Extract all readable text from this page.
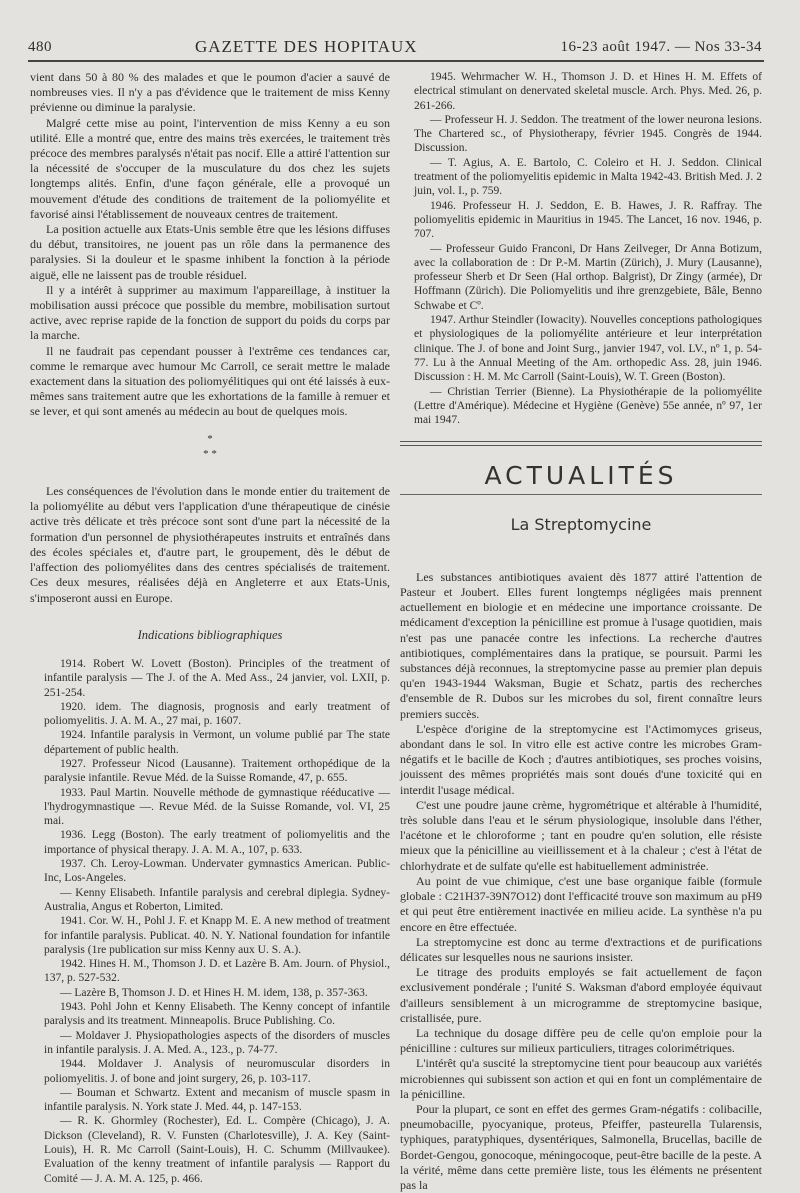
480	GAZETTE DES HOPITAUX	16-23 août 1947. — Nos 33-34

vient dans 50 à 80 % des malades et que le poumon d'acier a sauvé de nombreuses vies. Il n'y a pas d'évidence que le traitement de miss Kenny prévienne ou diminue la paralysie.

Malgré cette mise au point, l'intervention de miss Kenny a eu son utilité. Elle a montré que, entre des mains très exercées, le traitement très précoce des membres paralysés n'était pas nocif. Elle a attiré l'attention sur la nécessité de s'occuper de la musculature du dos chez les sujets longtemps alités. Enfin, d'une façon générale, elle a provoqué un mouvement d'étude des conditions de traitement de la poliomyélite et favorisé ainsi l'établissement de nouveaux centres de traitement.

La position actuelle aux Etats-Unis semble être que les lésions diffuses du début, transitoires, ne jouent pas un rôle dans la permanence des paralysies. Si la douleur et le spasme inhibent la fonction à la période aiguë, elle ne laissent pas de trouble résiduel.

Il y a intérêt à supprimer au maximum l'appareillage, à instituer la mobilisation aussi précoce que possible du membre, mobilisation surtout active, avec reprise rapide de la fonction de support du poids du corps par la marche.

Il ne faudrait pas cependant pousser à l'extrême ces tendances car, comme le remarque avec humour Mc Carroll, ce serait mettre le malade exactement dans la situation des poliomyélitiques qui ont été laissés à eux-mêmes sans traitement autre que les exhortations de la famille à remuer et se lever, et qui sont amenés au médecin au bout de quelques mois.

*
* *

Les conséquences de l'évolution dans le monde entier du traitement de la poliomyélite au début vers l'application d'une thérapeutique de cinésie active très délicate et très précoce sont sont d'une part la nécessité de la formation d'un personnel de physiothérapeutes instruits et entraînés dans des écoles spéciales et, d'autre part, le groupement, dès le début de l'affection des poliomyélites dans des centres spécialisés de traitement. Ces deux mesures, réalisées déjà en Angleterre et aux Etats-Unis, s'imposeront aussi en Europe.

Indications bibliographiques

1914. Robert W. Lovett (Boston). Principles of the treatment of infantile paralysis — The J. of the A. Med Ass., 24 janvier, vol. LXII, p. 251-254.

1920. idem. The diagnosis, prognosis and early treatment of poliomyelitis. J. A. M. A., 27 mai, p. 1607.

1924. Infantile paralysis in Vermont, un volume publié par The state département of public health.

1927. Professeur Nicod (Lausanne). Traitement orthopédique de la paralysie infantile. Revue Méd. de la Suisse Romande, 47, p. 655.

1933. Paul Martin. Nouvelle méthode de gymnastique rééducative — l'hydrogymnastique —. Revue Méd. de la Suisse Romande, vol. VI, 25 mai.

1936. Legg (Boston). The early treatment of poliomyelitis and the importance of physical therapy. J. A. M. A., 107, p. 633.

1937. Ch. Leroy-Lowman. Undervater gymnastics American. Public-Inc, Los-Angeles.

— Kenny Elisabeth. Infantile paralysis and cerebral diplegia. Sydney-Australia, Angus et Roberton, Limited.

1941. Cor. W. H., Pohl J. F. et Knapp M. E. A new method of treatment for infantile paralysis. Publicat. 40. N. Y. National foundation for infantile paralysis (1re publication sur miss Kenny aux U. S. A.).

1942. Hines H. M., Thomson J. D. et Lazère B. Am. Journ. of Physiol., 137, p. 527-532.

— Lazère B, Thomson J. D. et Hines H. M. idem, 138, p. 357-363.

1943. Pohl John et Kenny Elisabeth. The Kenny concept of infantile paralysis and its treatment. Minneapolis. Bruce Publishing. Co.

— Moldaver J. Physiopathologies aspects of the disorders of muscles in infantile paralysis. J. A. Med. A., 123., p. 74-77.

1944. Moldaver J. Analysis of neuromuscular disorders in poliomyelitis. J. of bone and joint surgery, 26, p. 103-117.

— Bouman et Schwartz. Extent and mecanism of muscle spasm in infantile paralysis. N. York state J. Med. 44, p. 147-153.

— R. K. Ghormley (Rochester), Ed. L. Compère (Chicago), J. A. Dickson (Cleveland), R. V. Funsten (Charlotesville), J. A. Key (Saint-Louis), H. R. Mc Carroll (Saint-Louis), H. C. Schumm (Millvaukee). Evaluation of the kenny treatment of infantile paralysis — Rapport du Comité — J. A. M. A. 125, p. 466.

1945. Wehrmacher W. H., Thomson J. D. et Hines H. M. Effets of electrical stimulant on denervated skeletal muscle. Arch. Phys. Med. 26, p. 261-266.

— Professeur H. J. Seddon. The treatment of the lower neurona lesions. The Chartered sc., of Physiotherapy, février 1945. Congrès de 1944. Discussion.

— T. Agius, A. E. Bartolo, C. Coleiro et H. J. Seddon. Clinical treatment of the poliomyelitis epidemic in Malta 1942-43. British Med. J. 2 juin, vol. I., p. 759.

1946. Professeur H. J. Seddon, E. B. Hawes, J. R. Raffray. The poliomyelitis epidemic in Mauritius in 1945. The Lancet, 16 nov. 1946, p. 707.

— Professeur Guido Franconi, Dr Hans Zeilveger, Dr Anna Botizum, avec la collaboration de : Dr P.-M. Martin (Zürich), J. Mury (Lausanne), professeur Sherb et Dr Seen (Hal orthop. Balgrist), Dr Zingy (armée), Dr Hoffmann (Zürich). Die Poliomyelitis und ihre grenzgebiete, Bâle, Benno Schwabe et Cº.

1947. Arthur Steindler (Iowacity). Nouvelles conceptions pathologiques et physiologiques de la poliomyélite antérieure et leur interprétation clinique. The J. of bone and Joint Surg., janvier 1947, vol. LV., nº 1, p. 54-77. Lu à the Annual Meeting of the Am. orthopedic Ass. 28, juin 1946. Discussion : H. M. Mc Carroll (Saint-Louis), W. T. Green (Boston).

— Christian Terrier (Bienne). La Physiothérapie de la poliomyélite (Lettre d'Amérique). Médecine et Hygiène (Genève) 55e année, nº 97, 1er mai 1947.

ACTUALITÉS
La Streptomycine

Les substances antibiotiques avaient dès 1877 attiré l'attention de Pasteur et Joubert. Elles furent longtemps négligées mais prennent actuellement en biologie et en médecine une importance croissante. De médicament d'exception la pénicilline est promue à l'usage quotidien, mais n'est pas une panacée contre les infections. La recherche d'autres antibiotiques, complémentaires dans la pratique, se poursuit. Parmi les substances déjà reconnues, la streptomycine passe au premier plan depuis qu'en 1943-1944 Waksman, Bugie et Schatz, partis des recherches d'ensemble de R. Dubos sur les microbes du sol, firent connaître leurs premiers succès.

L'espèce d'origine de la streptomycine est l'Actimomyces griseus, abondant dans le sol. In vitro elle est active contre les microbes Gram-négatifs et le bacille de Koch ; d'autres antibiotiques, ses proches voisins, jouissent des mêmes propriétés mais sont doués d'une toxicité qui en interdit l'usage médical.

C'est une poudre jaune crème, hygrométrique et altérable à l'humidité, très soluble dans l'eau et le sérum physiologique, insoluble dans l'éther, l'acétone et le chloroforme ; tant en poudre qu'en solution, elle résiste mieux que la pénicilline au vieillissement et à la chaleur ; c'est à l'état de chlorhydrate et de sulfate qu'elle est habituellement administrée.

Au point de vue chimique, c'est une base organique faible (formule globale : C21H37-39N7O12) dont l'efficacité trouve son maximum au pH9 et qui peut être entièrement inactivée en milieu acide. La synthèse n'a pu encore en être effectuée.

La streptomycine est donc au terme d'extractions et de purifications délicates sur lesquelles nous ne saurions insister.

Le titrage des produits employés se fait actuellement de façon exclusivement pondérale ; l'unité S. Waksman d'abord employée équivaut d'ailleurs sensiblement à un microgramme de streptomycine basique, cristallisée, pure.

La technique du dosage diffère peu de celle qu'on emploie pour la pénicilline : cultures sur milieux particuliers, titrages colorimétriques.

L'intérêt qu'a suscité la streptomycine tient pour beaucoup aux variétés microbiennes qui subissent son action et qui en font un complémentaire de la pénicilline.

Pour la plupart, ce sont en effet des germes Gram-négatifs : colibacille, pneumobacille, pyocyanique, proteus, Pfeiffer, pasteurella Tularensis, typhiques, paratyphiques, dysentériques, Salmonella, Brucellas, bacille de Bordet-Gengou, gonocoque, méningocoque, peut-être bacille de la peste. A la vérité, même dans cette première liste, tous les éléments ne présentent pas la
